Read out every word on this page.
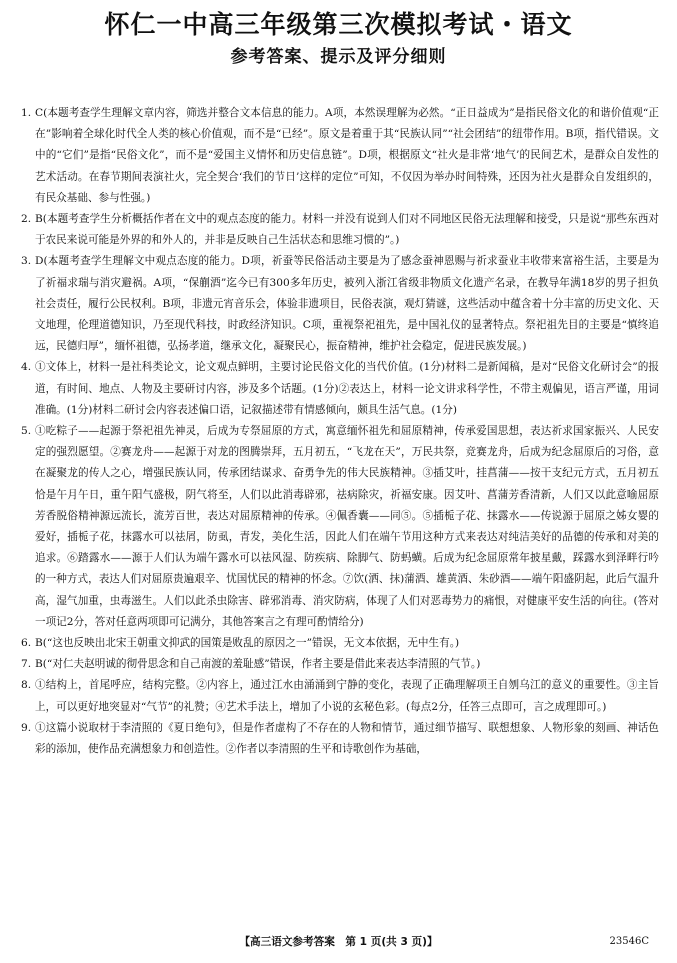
怀仁一中高三年级第三次模拟考试・语文
参考答案、提示及评分细则
1. C(本题考查学生理解文章内容，筛选并整合文本信息的能力。A项，本然误理解为必然。“正日益成为”是指民俗文化的和谐价值观“正在”影响着全球化时代全人类的核心价值观，而不是“已经”。原文是着重于其“民族认同”“社会团结”的纽带作用。B项，指代错误。文中的“它们”是指“民俗文化”，而不是“爱国主义情怀和历史信息链”。D项，根据原文“社火是非常‘地气’的民间艺术，是群众自发性的艺术活动。在春节期间表演社火，完全契合‘我们的节日’这样的定位”可知，不仅因为举办时间特殊，还因为社火是群众自发组织的，有民众基础、参与性强。)
2. B(本题考查学生分析概括作者在文中的观点态度的能力。材料一并没有说到人们对不同地区民俗无法理解和接受，只是说“那些东西对于农民来说可能是外界的和外人的，并非是反映自己生活状态和思维习惯的”。)
3. D(本题考查学生理解文中观点态度的能力。D项，祈蚕等民俗活动主要是为了感念蚕神恩赐与祈求蚕业丰收带来富裕生活，主要是为了祈福求瑞与消灾避祸。A项，“保蒯酒”迄今已有300多年历史，被列入浙江省级非物质文化遗产名录，在教导年满18岁的男子担负社会责任，履行公民权利。B项，非遗元宵音乐会，体验非遗项目，民俗表演，观灯猜谜，这些活动中蕴含着十分丰富的历史文化、天文地理，伦理道德知识，乃至现代科技，时政经济知识。C项，重视祭祀祖先，是中国礼仪的显著特点。祭祀祖先目的主要是“慎终追远，民德归厚”，缅怀祖德，弘扬孝道，继承文化，凝聚民心，振奋精神，维护社会稳定，促进民族发展。)
4. ①文体上，材料一是社科类论文，论文观点鲜明，主要讨论民俗文化的当代价值。(1分)材料二是新闻稿，是对“民俗文化研讨会”的报道，有时间、地点、人物及主要研讨内容，涉及多个话题。(1分)②表达上，材料一论文讲求科学性，不带主观偏见，语言严谨，用词准确。(1分)材料二研讨会内容表述偏口语，记叙描述带有情感倾向，颇具生活气息。(1分)
5. ①吃粽子——起源于祭祀祖先神灵，后成为专祭屈原的方式，寓意缅怀祖先和屈原精神，传承爱国思想，表达祈求国家振兴、人民安定的强烈愿望。②赛龙舟——起源于对龙的图腾崇拜，五月初五，“飞龙在天”，万民共祭，竞赛龙舟，后成为纪念屈原后的习俗，意在凝聚龙的传人之心，增强民族认同，传承团结谋求、奋勇争先的伟大民族精神。③插艾叶，挂菖蒲——按干支纪元方式，五月初五恰是午月午日，重午阳气盛极，阴气将至，人们以此消毒辟邪，祛病除灾，祈福安康。因艾叶、菖蒲芳香清新，人们又以此意喻屈原芳香脱俗精神源远流长，流芳百世，表达对屈原精神的传承。④佩香囊——同⑤。⑤插栀子花、抹露水——传说源于屈原之姊女婴的爱好，插栀子花，抹露水可以祛屑，防虱，青发，美化生活，因此人们在端午节用这种方式来表达对纯洁美好的品德的传承和对美的追求。⑥踏露水——源于人们认为端午露水可以祛风湿、防疾病、除脚气、防蚂蟥。后成为纪念屈原常年披星戴，踩露水到泽畔行吟的一种方式，表达人们对屈原贵遍艰辛、忧国忧民的精神的怀念。⑦饮(洒、抹)蒲酒、雄黄酒、朱砂酒——端午阳盛阴起，此后气温升高，湿气加重，虫毒滋生。人们以此杀虫除害、辟邪消毒、消灾防病，体现了人们对恶毒势力的痛恨，对健康平安生活的向往。(答对一项记2分，答对任意两项即可记满分，其他答案言之有理可酌情给分)
6. B(“这也反映出北宋王朝重文抑武的国策是败乱的原因之一”错误，无文本依据，无中生有。)
7. B(“对仁夫赵明诚的彻骨思念和自己南渡的羞耻感”错误，作者主要是借此来表达李清照的气节。)
8. ①结构上，首尾呼应，结构完整。②内容上，通过江水由涌涌到宁静的变化，表现了正确理解项王自刎乌江的意义的重要性。③主旨上，可以更好地突显对“气节”的礼赞；④艺术手法上，增加了小说的玄秘色彩。(每点2分，任答三点即可，言之成理即可。)
9. ①这篇小说取材于李清照的《夏日绝句》，但是作者虚构了不存在的人物和情节，通过细节描写、联想想象、人物形象的刻画、神话色彩的添加，使作品充满想象力和创造性。②作者以李清照的生平和诗歌创作为基础，
【高三语文参考答案　第 1 页(共 3 页)】	23546C
